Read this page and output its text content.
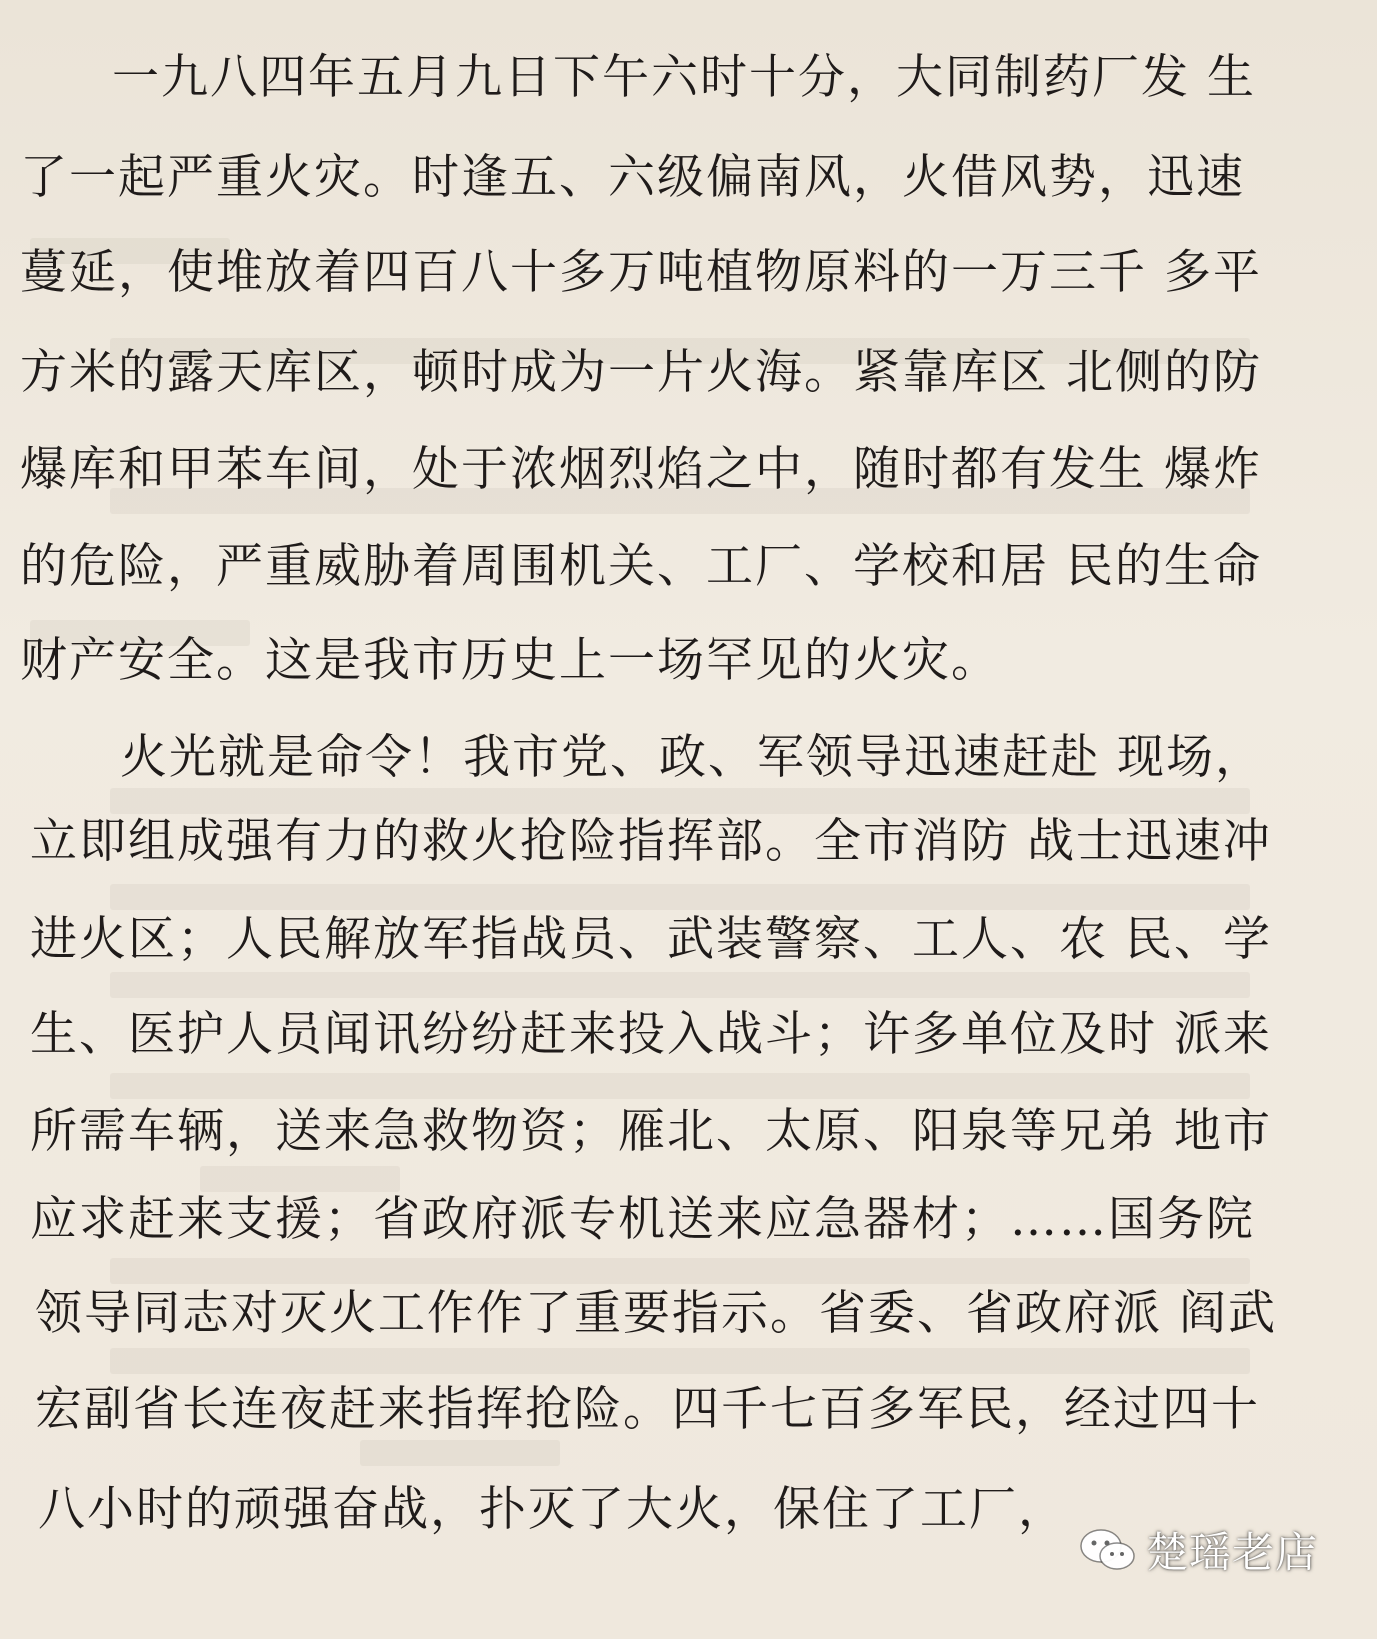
一九八四年五月九日下午六时十分，大同制药厂发 生
了一起严重火灾。时逢五、六级偏南风，火借风势，迅速
蔓延，使堆放着四百八十多万吨植物原料的一万三千 多平
方米的露天库区，顿时成为一片火海。紧靠库区 北侧的防
爆库和甲苯车间，处于浓烟烈焰之中，随时都有发生 爆炸
的危险，严重威胁着周围机关、工厂、学校和居 民的生命
财产安全。这是我市历史上一场罕见的火灾。
火光就是命令！我市党、政、军领导迅速赶赴 现场，
立即组成强有力的救火抢险指挥部。全市消防 战士迅速冲
进火区；人民解放军指战员、武装警察、工人、农 民、学
生、医护人员闻讯纷纷赶来投入战斗；许多单位及时 派来
所需车辆，送来急救物资；雁北、太原、阳泉等兄弟 地市
应求赶来支援；省政府派专机送来应急器材；……国务院
领导同志对灭火工作作了重要指示。省委、省政府派 阎武
宏副省长连夜赶来指挥抢险。四千七百多军民，经过四十
八小时的顽强奋战，扑灭了大火，保住了工厂，
楚瑶老店
